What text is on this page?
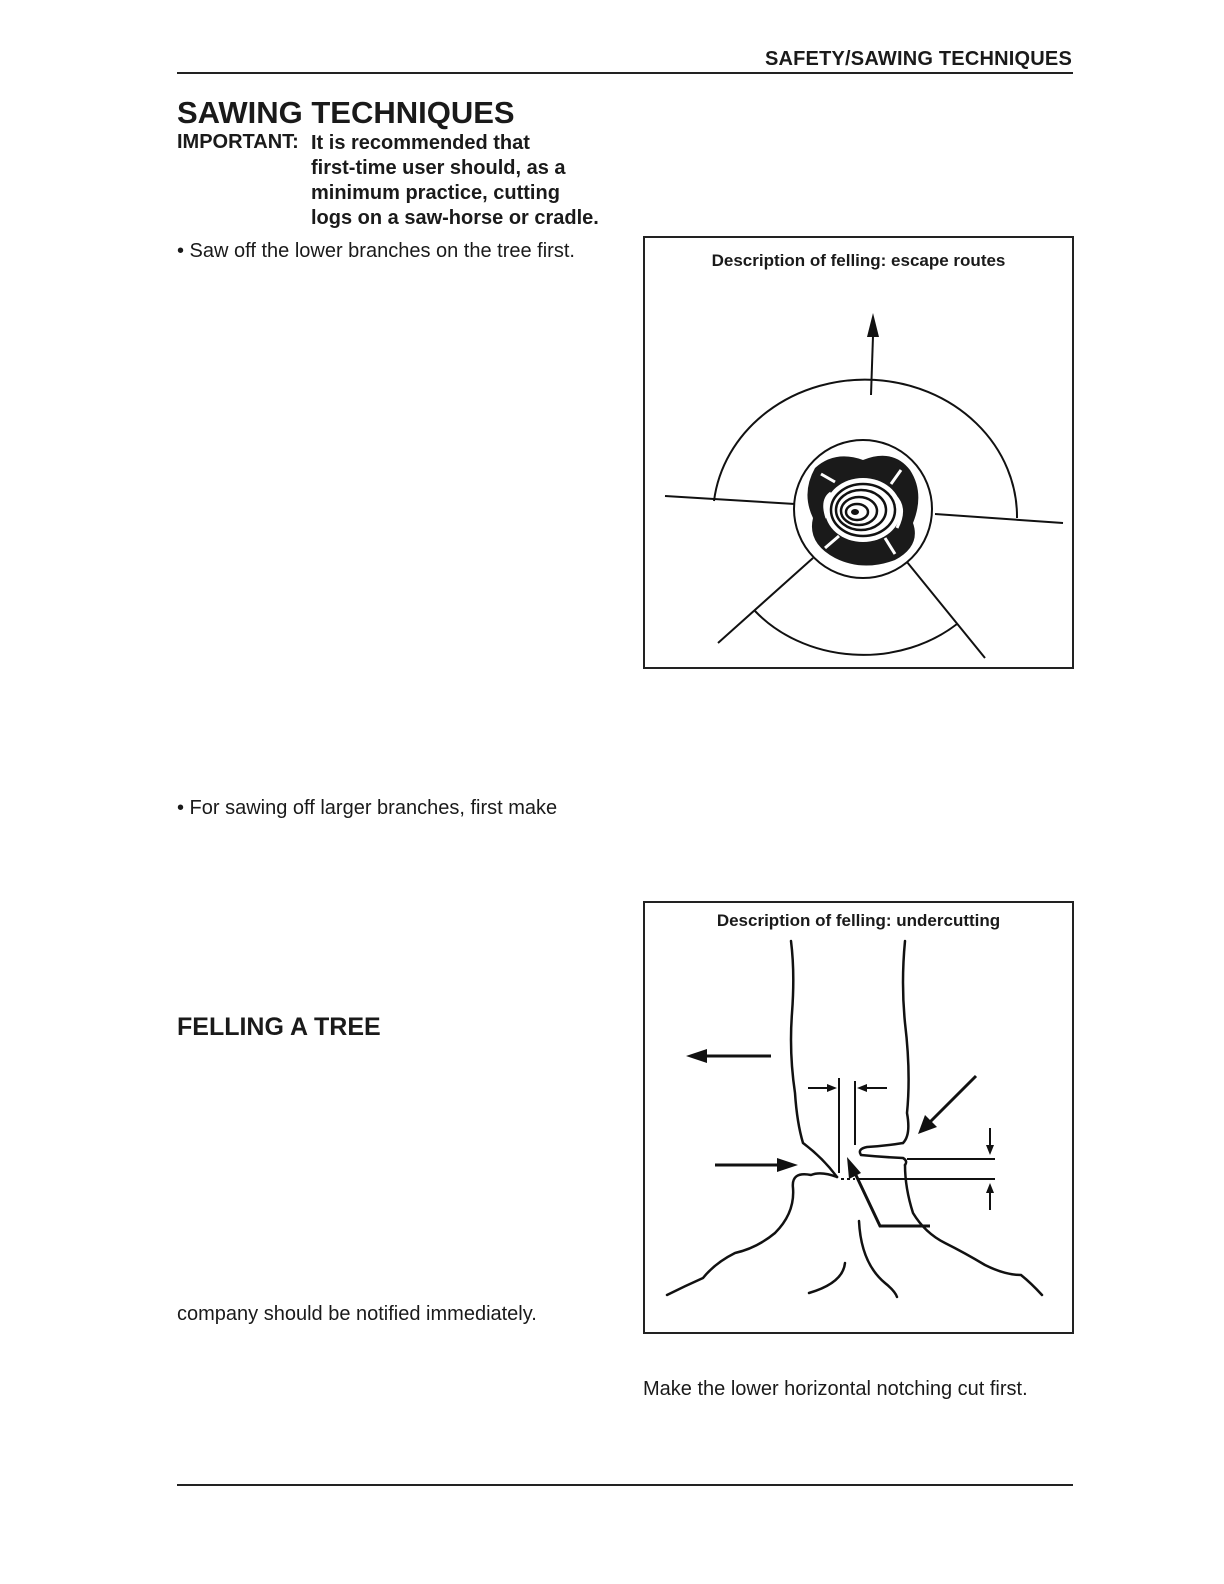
SAFETY/SAWING TECHNIQUES
SAWING TECHNIQUES
IMPORTANT: It is recommended that
first-time user should, as a
minimum practice, cutting
logs on a saw-horse or cradle.
• Saw off the lower branches on the tree first.
• For sawing off larger branches, first make
FELLING A TREE
company should be notified immediately.
Description of felling: escape routes
Description of felling: undercutting
Make the lower horizontal notching cut first.
